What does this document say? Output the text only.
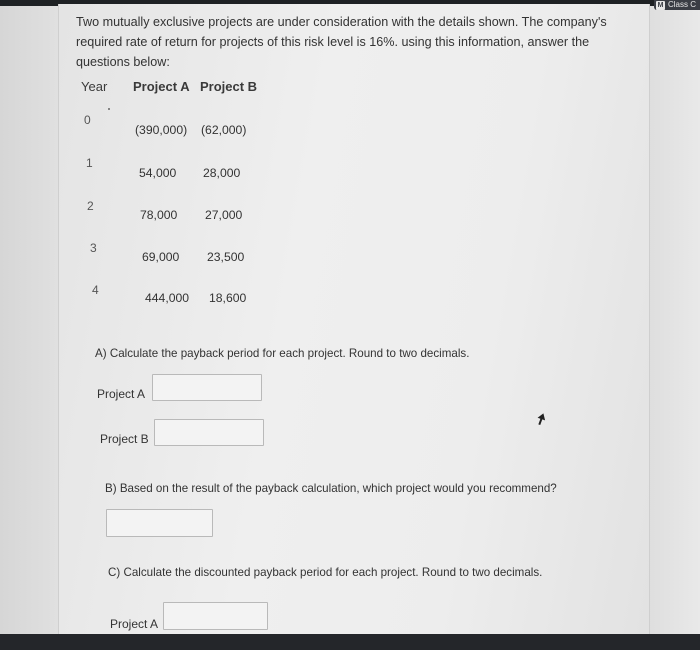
M Class C
Two mutually exclusive projects are under consideration with the details shown. The company's required rate of return for projects of this risk level is 16%. using this information, answer the questions below:
Year Project A Project B
0
(390,000) (62,000)
1
54,000 28,000
2
78,000 27,000
3
69,000 23,500
4
444,000 18,600
A) Calculate the payback period for each project. Round to two decimals.
Project A
Project B
B) Based on the result of the payback calculation, which project would you recommend?
C) Calculate the discounted payback period for each project. Round to two decimals.
Project A
